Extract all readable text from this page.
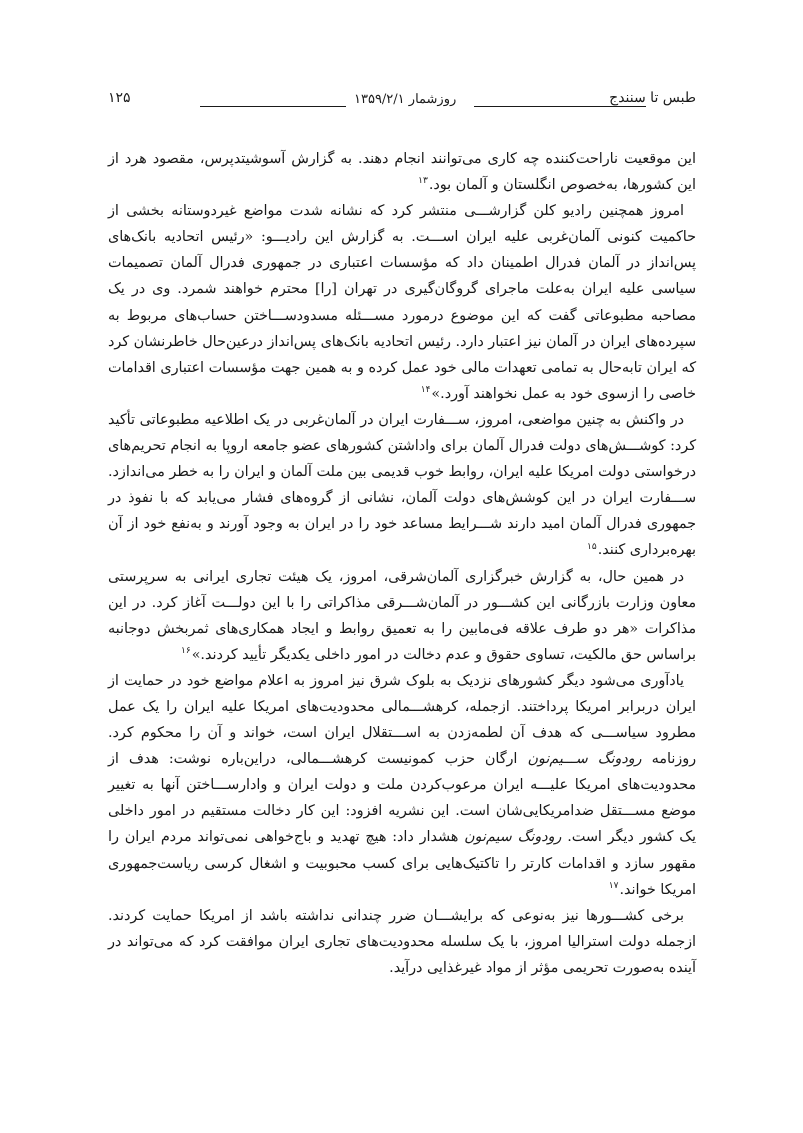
طبس تا سنندج
روزشمار ۱۳۵۹/۲/۱
۱۲۵

این موقعیت ناراحت‌کننده چه کاری می‌توانند انجام دهند. به گزارش آسوشیتدپرس، مقصود هرد از این کشورها، به‌خصوص انگلستان و آلمان بود.$^{۱۳}$

امروز همچنین رادیو کلن گزارشـــی منتشر کرد که نشانه شدت مواضع غیردوستانه بخشی از حاکمیت کنونی آلمان‌غربی علیه ایران اســـت. به گزارش این رادیـــو: «رئیس اتحادیه بانک‌های پس‌انداز در آلمان فدرال اطمینان داد که مؤسسات اعتباری در جمهوری فدرال آلمان تصمیمات سیاسی علیه ایران به‌علت ماجرای گروگان‌گیری در تهران [را] محترم خواهند شمرد. وی در یک مصاحبه مطبوعاتی گفت که این موضوع درمورد مســـئله مسدودســـاختن حساب‌های مربوط به سپرده‌های ایران در آلمان نیز اعتبار دارد. رئیس اتحادیه بانک‌های پس‌انداز درعین‌حال خاطرنشان کرد که ایران تابه‌حال به تمامی تعهدات مالی خود عمل کرده و به همین جهت مؤسسات اعتباری اقدامات خاصی را ازسوی خود به عمل نخواهند آورد.»$^{۱۴}$

در واکنش به چنین مواضعی، امروز، ســـفارت ایران در آلمان‌غربی در یک اطلاعیه مطبوعاتی تأکید کرد: کوشـــش‌های دولت فدرال آلمان برای واداشتن کشورهای عضو جامعه اروپا به انجام تحریم‌های درخواستی دولت امریکا علیه ایران، روابط خوب قدیمی بین ملت آلمان و ایران را به خطر می‌اندازد. ســـفارت ایران در این کوشش‌های دولت آلمان، نشانی از گروه‌های فشار می‌یابد که با نفوذ در جمهوری فدرال آلمان امید دارند شـــرایط مساعد خود را در ایران به وجود آورند و به‌نفع خود از آن بهره‌برداری کنند.$^{۱۵}$

در همین حال، به گزارش خبرگزاری آلمان‌شرقی، امروز، یک هیئت تجاری ایرانی به سرپرستی معاون وزارت بازرگانی این کشـــور در آلمان‌شـــرقی مذاکراتی را با این دولـــت آغاز کرد. در این مذاکرات «هر دو طرف علاقه فی‌مابین را به تعمیق روابط و ایجاد همکاری‌های ثمربخش دوجانبه براساس حق مالکیت، تساوی حقوق و عدم دخالت در امور داخلی یکدیگر تأیید کردند.»$^{۱۶}$

یادآوری می‌شود دیگر کشورهای نزدیک به بلوک شرق نیز امروز به اعلام مواضع خود در حمایت از ایران دربرابر امریکا پرداختند. ازجمله، کرهشـــمالی محدودیت‌های امریکا علیه ایران را یک عمل مطرود سیاســـی که هدف آن لطمه‌زدن به اســـتقلال ایران است، خواند و آن را محکوم کرد. روزنامه رودونگ ســـیم‌نون ارگان حزب کمونیست کرهشـــمالی، دراین‌باره نوشت: هدف از محدودیت‌های امریکا علیـــه ایران مرعوب‌کردن ملت و دولت ایران و وادارســـاختن آنها به تغییر موضع مســـتقل ضدامریکایی‌شان است. این نشریه افزود: این کار دخالت مستقیم در امور داخلی یک کشور دیگر است. رودونگ سیم‌نون هشدار داد: هیچ تهدید و باج‌خواهی نمی‌تواند مردم ایران را مقهور سازد و اقدامات کارتر را تاکتیک‌هایی برای کسب محبوبیت و اشغال کرسی ریاست‌جمهوری امریکا خواند.$^{۱۷}$

برخی کشـــورها نیز به‌نوعی که برایشـــان ضرر چندانی نداشته باشد از امریکا حمایت کردند. ازجمله دولت استرالیا امروز، با یک سلسله محدودیت‌های تجاری ایران موافقت کرد که می‌تواند در آینده به‌صورت تحریمی مؤثر از مواد غیرغذایی درآید.
